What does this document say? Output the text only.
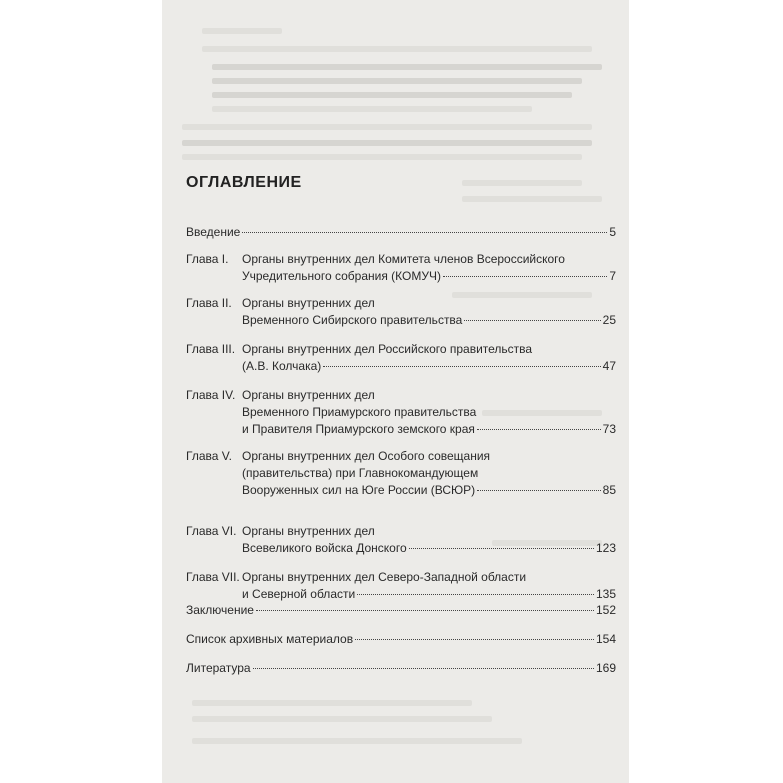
ОГЛАВЛЕНИЕ
Введение	5
Глава I. Органы внутренних дел Комитета членов Всероссийского
Учредительного собрания (КОМУЧ)	7
Глава II. Органы внутренних дел
Временного Сибирского правительства	25
Глава III. Органы внутренних дел Российского правительства
(А.В. Колчака)	47
Глава IV. Органы внутренних дел
Временного Приамурского правительства
и Правителя Приамурского земского края	73
Глава V. Органы внутренних дел Особого совещания
(правительства) при Главнокомандующем
Вооруженных сил на Юге России (ВСЮР)	85
Глава VI. Органы внутренних дел
Всевеликого войска Донского	123
Глава VII. Органы внутренних дел Северо-Западной области
и Северной области	135
Заключение	152
Список архивных материалов	154
Литература	169
